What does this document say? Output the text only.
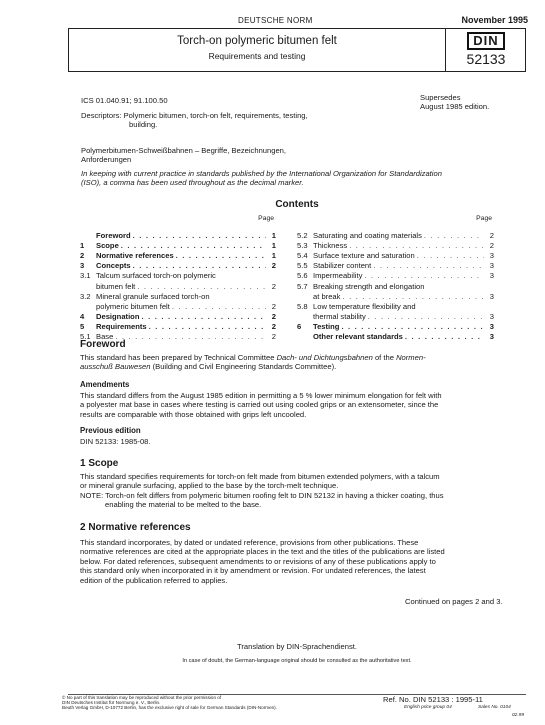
DEUTSCHE NORM	November 1995
Torch-on polymeric bitumen felt
Requirements and testing
DIN
52133
ICS 01.040.91; 91.100.50	Supersedes

August 1985 edition.

Descriptors: Polymeric bitumen, torch-on felt, requirements, testing,

building.

Polymerbitumen-Schweißbahnen – Begriffe, Bezeichnungen,

Anforderungen

In keeping with current practice in standards published by the International Organization for Standardization

(ISO), a comma has been used throughout as the decimal marker.

Contents
Page
Foreword . . .	1
1	Scope . . .	1
2	Normative references . . .	1
3	Concepts . . .	2
3.1 Talcum surfaced torch-on polymeric
bitumen felt . . .	2
3.2 Mineral granule surfaced torch-on
polymeric bitumen felt . . .	2
4	Designation . . .	2
5	Requirements . . .	2
5.1 Base . . .	2
Page
5.2 Saturating and coating materials . . .	2
5.3 Thickness . . .	2
5.4 Surface texture and saturation . . .	3
5.5 Stabilizer content . . .	3
5.6 Impermeability . . .	3
5.7 Breaking strength and elongation
at break . . .	3
5.8 Low temperature flexibility and
thermal stability . . .	3
6	Testing . . .	3
Other relevant standards . . .	3
Foreword

This standard has been prepared by Technical Committee Dach- und Dichtungsbahnen of the Normen-

ausschuß Bauwesen (Building and Civil Engineering Standards Committee).

Amendments

This standard differs from the August 1985 edition in permitting a 5 % lower minimum elongation for felt with

a polyester mat base in cases where testing is carried out using cooled grips or an extensometer, since the

results are comparable with those obtained with grips left uncooled.

Previous edition
DIN 52133: 1985-08.
1 Scope

This standard specifies requirements for torch-on felt made from bitumen extended polymers, with a talcum

or mineral granule surfacing, applied to the base by the torch-melt technique.

NOTE: Torch-on felt differs from polymeric bitumen roofing felt to DIN 52132 in having a thicker coating, thus

enabling the material to be melted to the base.

2 Normative references

This standard incorporates, by dated or undated reference, provisions from other publications. These

normative references are cited at the appropriate places in the text and the titles of the publications are listed

below. For dated references, subsequent amendments to or revisions of any of these publications apply to

this standard only when incorporated in it by amendment or revision. For undated references, the latest

edition of the publication referred to applies.

Continued on pages 2 and 3.
Translation by DIN-Sprachendienst.
In case of doubt, the German-language original should be consulted as the authoritative text.
© No part of this translation may be reproduced without the prior permission of
DIN Deutsches Institut für Normung e. V., Berlin.
Beuth Verlag GmbH, D-10772 Berlin, has the exclusive right of sale for German Standards (DIN-Normen).
Ref. No. DIN 52133 : 1995-11
English price group 04	Sales No. 0104
02.99
